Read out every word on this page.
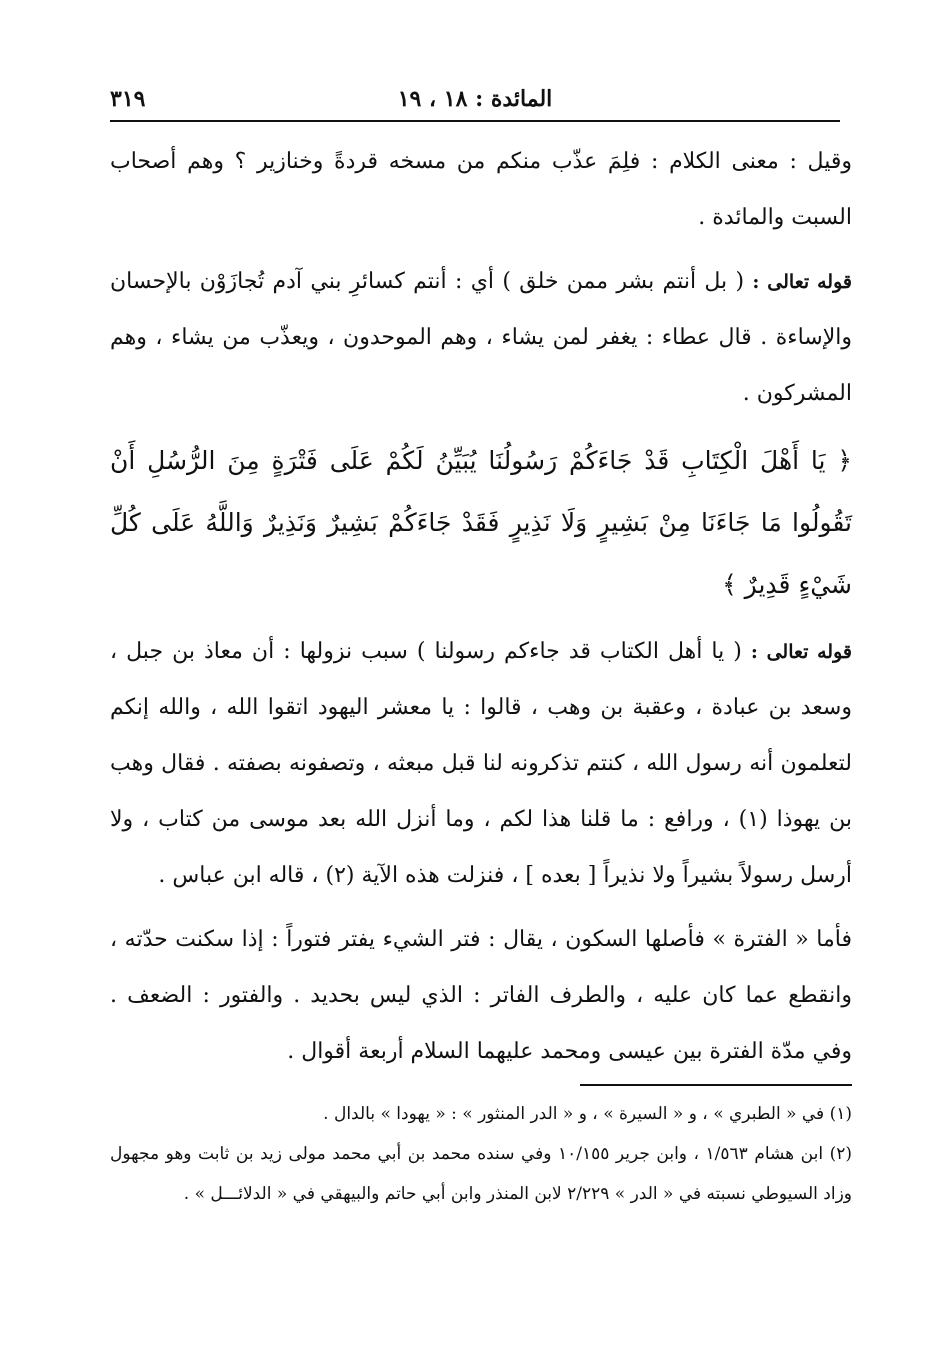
٣١٩	المائدة : ١٨ ، ١٩

وقيل : معنى الكلام : فلِمَ عذّب منكم من مسخه قردةً وخنازير ؟ وهم أصحاب السبت والمائدة .

قوله تعالى : ( بل أنتم بشر ممن خلق ) أي : أنتم كسائرِ بني آدم تُجازَوْن بالإحسان والإساءة . قال عطاء : يغفر لمن يشاء ، وهم الموحدون ، ويعذّب من يشاء ، وهم المشركون .

﴿ يَا أَهْلَ الْكِتَابِ قَدْ جَاءَكُمْ رَسُولُنَا يُبَيِّنُ لَكُمْ عَلَى فَتْرَةٍ مِنَ الرُّسُلِ أَنْ تَقُولُوا مَا جَاءَنَا مِنْ بَشِيرٍ وَلَا نَذِيرٍ فَقَدْ جَاءَكُمْ بَشِيرٌ وَنَذِيرٌ وَاللَّهُ عَلَى كُلِّ شَيْءٍ قَدِيرٌ ﴾

قوله تعالى : ( يا أهل الكتاب قد جاءكم رسولنا ) سبب نزولها : أن معاذ بن جبل ، وسعد بن عبادة ، وعقبة بن وهب ، قالوا : يا معشر اليهود اتقوا الله ، والله إنكم لتعلمون أنه رسول الله ، كنتم تذكرونه لنا قبل مبعثه ، وتصفونه بصفته . فقال وهب بن يهوذا (١) ، ورافع : ما قلنا هذا لكم ، وما أنزل الله بعد موسى من كتاب ، ولا أرسل رسولاً بشيراً ولا نذيراً [ بعده ] ، فنزلت هذه الآية (٢) ، قاله ابن عباس .

فأما « الفترة » فأصلها السكون ، يقال : فتر الشيء يفتر فتوراً : إذا سكنت حدّته ، وانقطع عما كان عليه ، والطرف الفاتر : الذي ليس بحديد . والفتور : الضعف . وفي مدّة الفترة بين عيسى ومحمد عليهما السلام أربعة أقوال .

(١) في « الطبري » ، و « السيرة » ، و « الدر المنثور » : « يهودا » بالدال .

(٢) ابن هشام ١/٥٦٣ ، وابن جرير ١٠/١٥٥ وفي سنده محمد بن أبي محمد مولى زيد بن ثابت وهو مجهول وزاد السيوطي نسبته في « الدر » ٢/٢٢٩ لابن المنذر وابن أبي حاتم والبيهقي في « الدلائـــل » .
